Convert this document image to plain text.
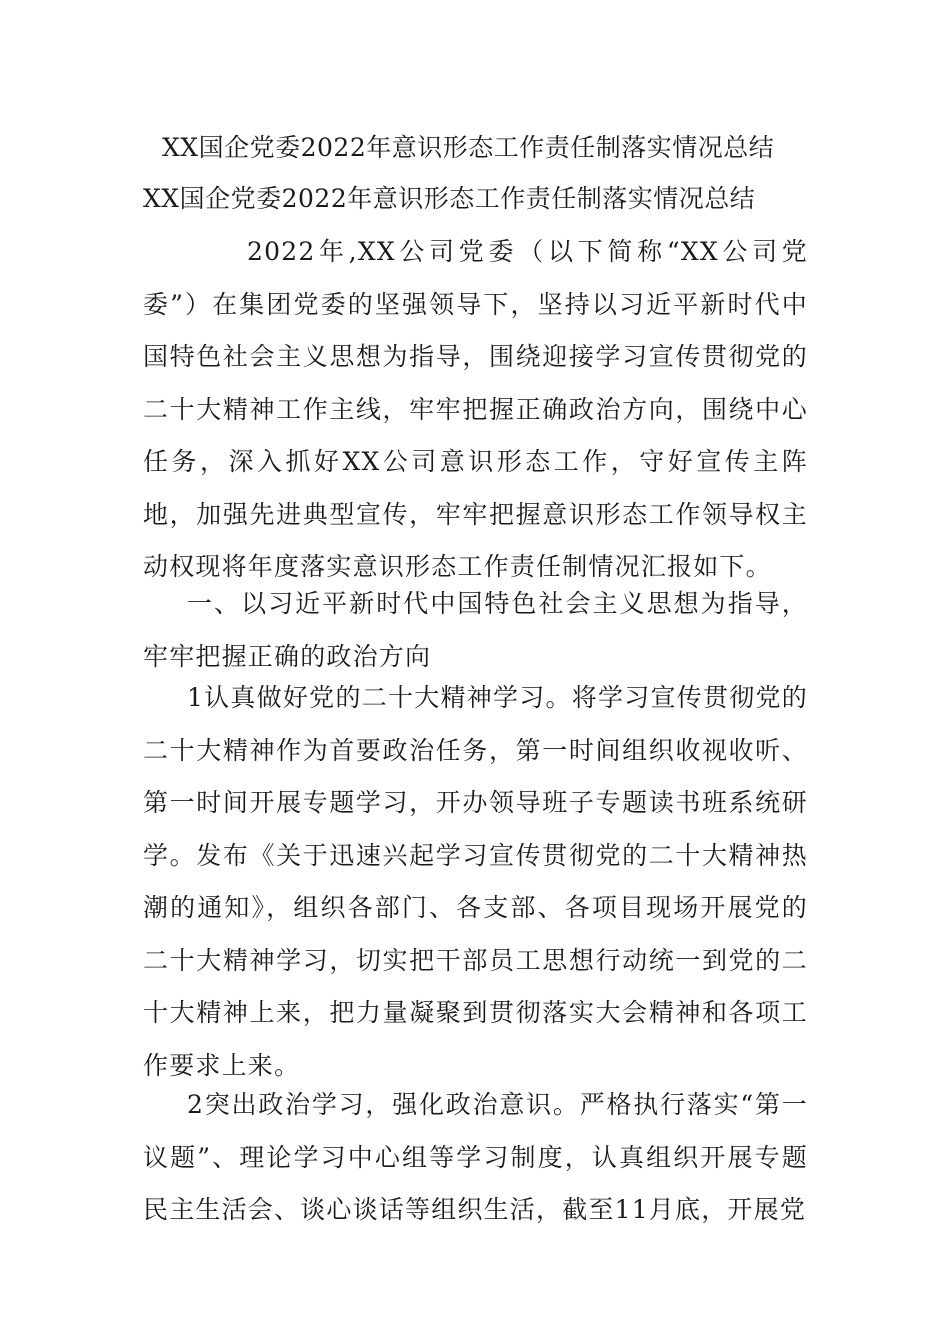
XX国企党委2022年意识形态工作责任制落实情况总结
XX国企党委2022年意识形态工作责任制落实情况总结

2022年,XX公司党委（以下简称“XX公司党委”）在集团党委的坚强领导下，坚持以习近平新时代中国特色社会主义思想为指导，围绕迎接学习宣传贯彻党的二十大精神工作主线，牢牢把握正确政治方向，围绕中心任务，深入抓好XX公司意识形态工作，守好宣传主阵地，加强先进典型宣传，牢牢把握意识形态工作领导权主动权现将年度落实意识形态工作责任制情况汇报如下。

一、以习近平新时代中国特色社会主义思想为指导，牢牢把握正确的政治方向

1认真做好党的二十大精神学习。将学习宣传贯彻党的二十大精神作为首要政治任务，第一时间组织收视收听、第一时间开展专题学习，开办领导班子专题读书班系统研学。发布《关于迅速兴起学习宣传贯彻党的二十大精神热潮的通知》，组织各部门、各支部、各项目现场开展党的二十大精神学习，切实把干部员工思想行动统一到党的二十大精神上来，把力量凝聚到贯彻落实大会精神和各项工作要求上来。

2突出政治学习，强化政治意识。严格执行落实“第一议题”、理论学习中心组等学习制度，认真组织开展专题民主生活会、谈心谈话等组织生活，截至11月底，开展党
